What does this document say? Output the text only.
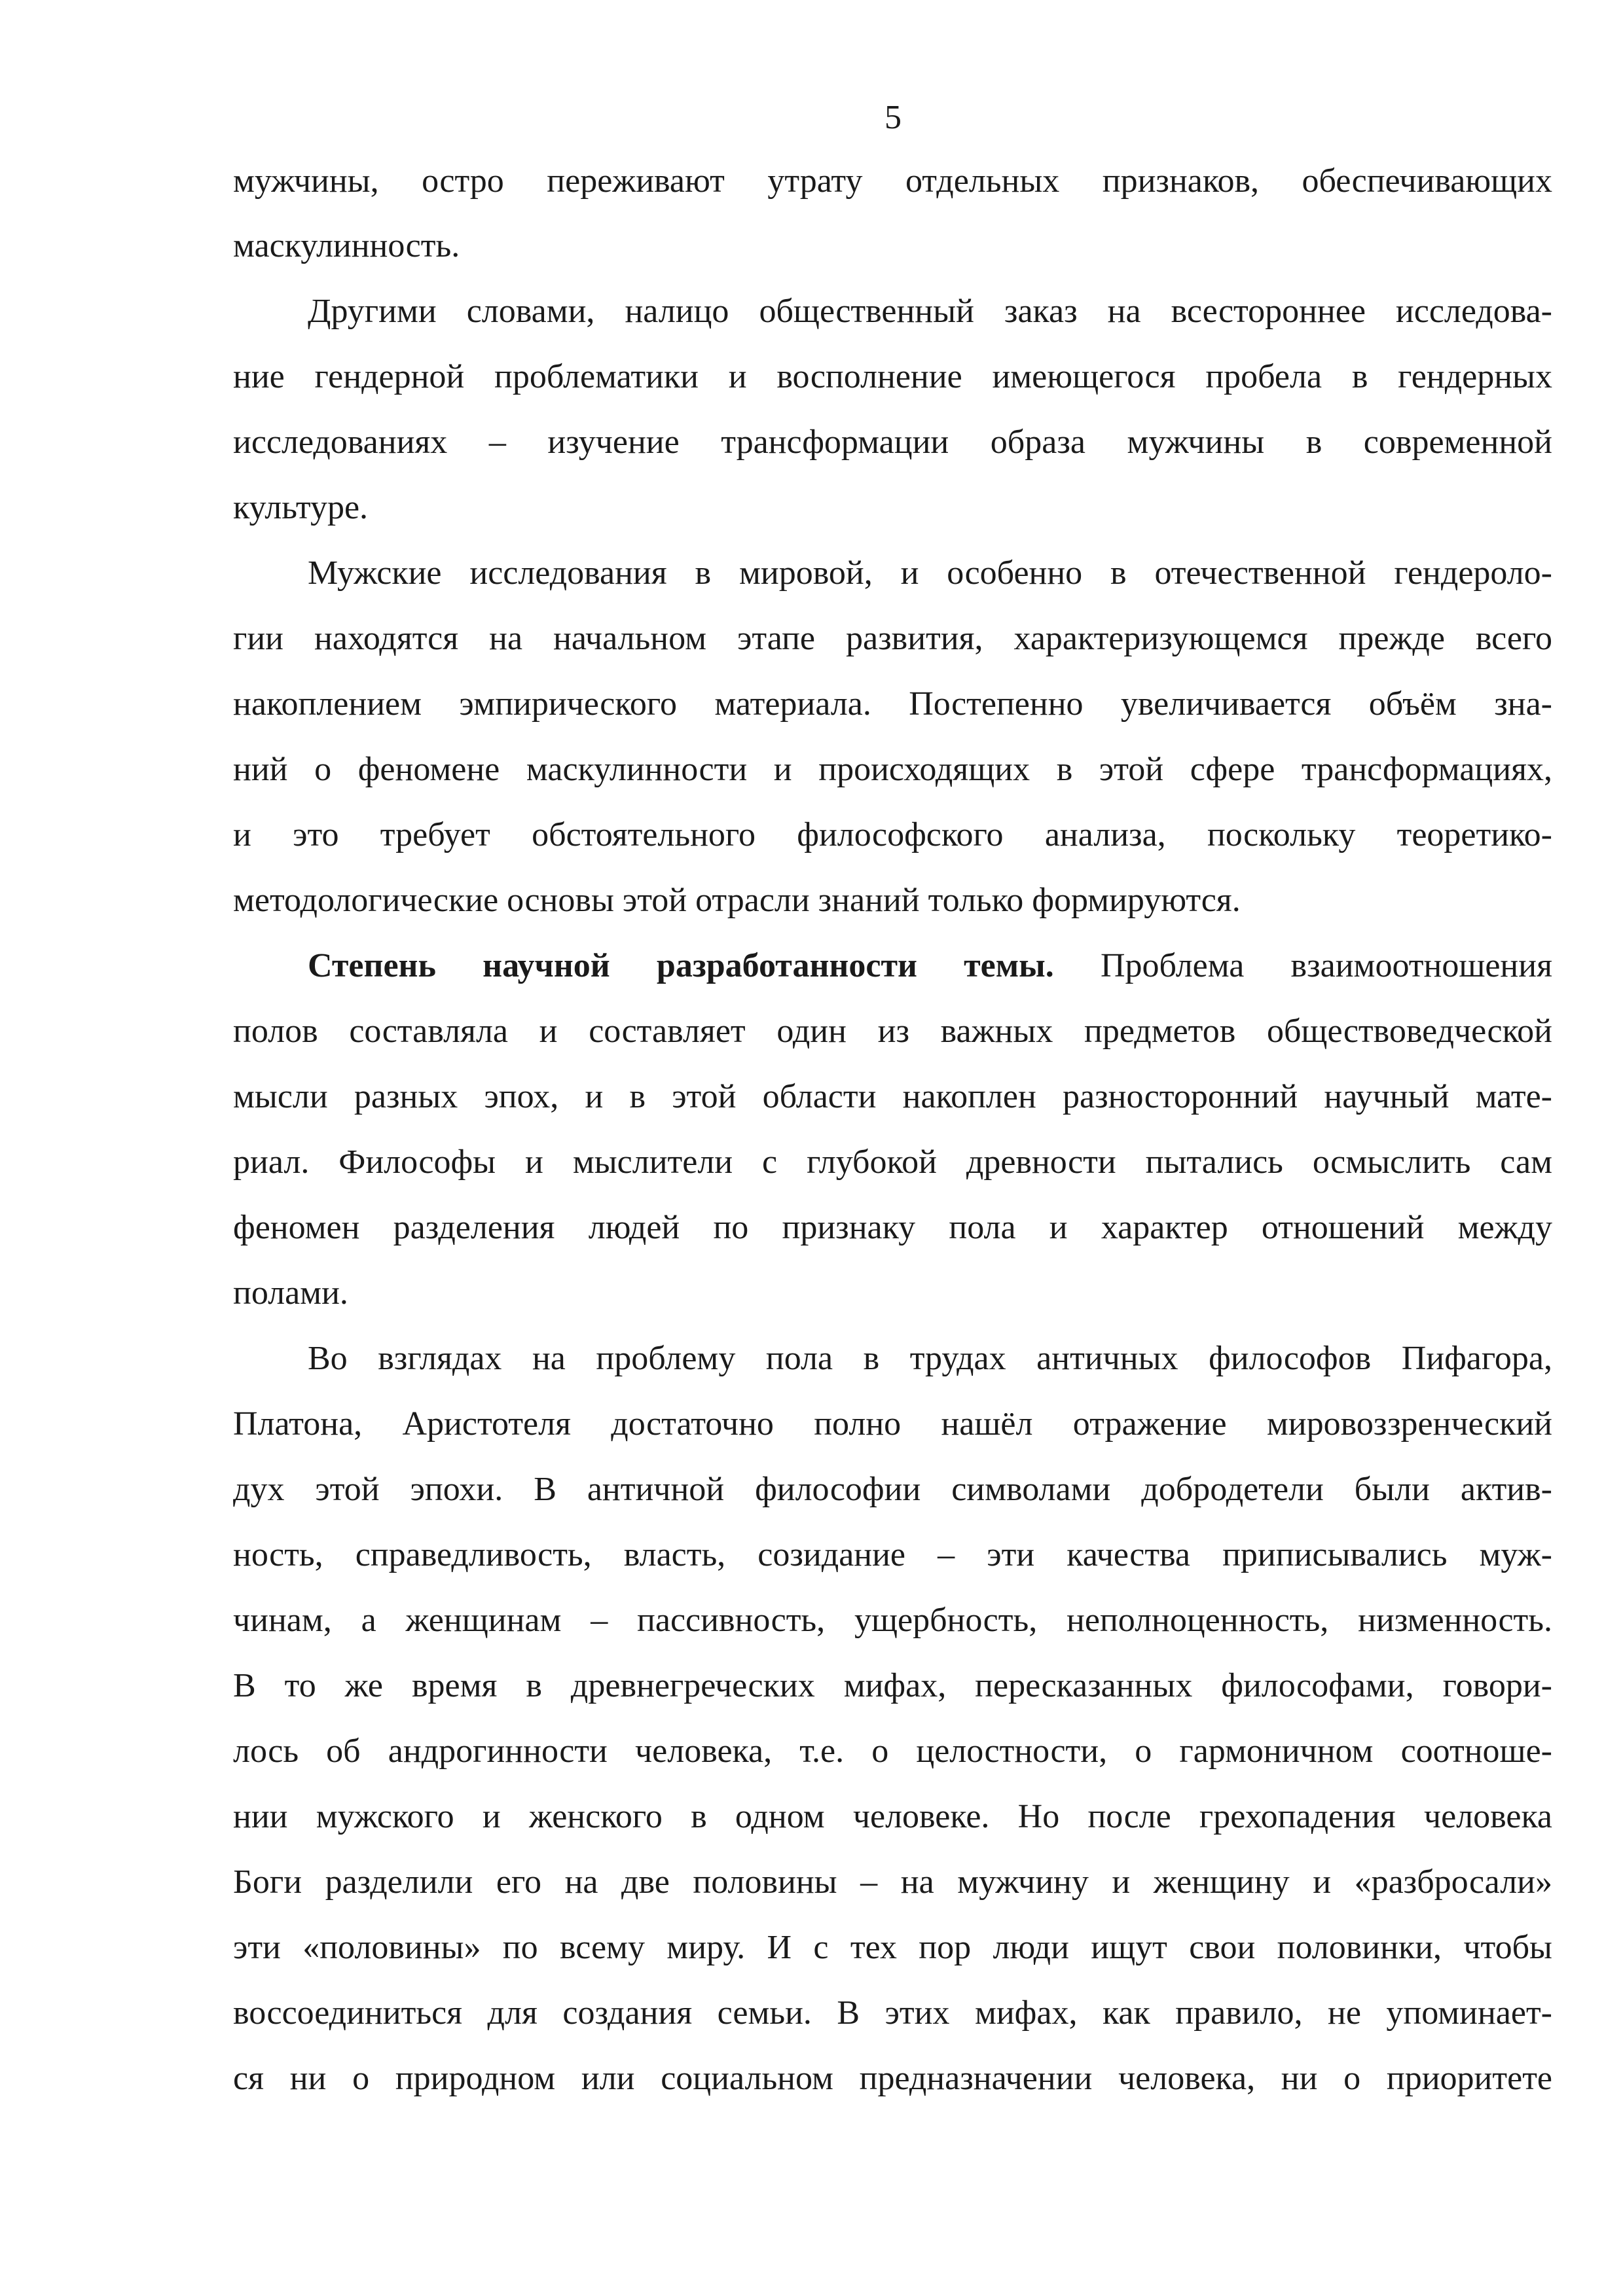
5

мужчины, остро переживают утрату отдельных признаков, обеспечивающих

маскулинность.

Другими словами, налицо общественный заказ на всестороннее исследова-

ние гендерной проблематики и восполнение имеющегося пробела в гендерных

исследованиях – изучение трансформации образа мужчины в современной

культуре.

Мужские исследования в мировой, и особенно в отечественной гендероло-

гии находятся на начальном этапе развития, характеризующемся прежде всего

накоплением эмпирического материала. Постепенно увеличивается объём зна-

ний о феномене маскулинности и происходящих в этой сфере трансформациях,

и это требует обстоятельного философского анализа, поскольку теоретико-

методологические основы этой отрасли знаний только формируются.

Степень научной разработанности темы. Проблема взаимоотношения

полов составляла и составляет один из важных предметов обществоведческой

мысли разных эпох, и в этой области накоплен разносторонний научный мате-

риал. Философы и мыслители с глубокой древности пытались осмыслить сам

феномен разделения людей по признаку пола и характер отношений между

полами.

Во взглядах на проблему пола в трудах античных философов Пифагора,

Платона, Аристотеля достаточно полно нашёл отражение мировоззренческий

дух этой эпохи. В античной философии символами добродетели были актив-

ность, справедливость, власть, созидание – эти качества приписывались муж-

чинам, а женщинам – пассивность, ущербность, неполноценность, низменность.

В то же время в древнегреческих мифах, пересказанных философами, говори-

лось об андрогинности человека, т.е. о целостности, о гармоничном соотноше-

нии мужского и женского в одном человеке. Но после грехопадения человека

Боги разделили его на две половины – на мужчину и женщину и «разбросали»

эти «половины» по всему миру. И с тех пор люди ищут свои половинки, чтобы

воссоединиться для создания семьи. В этих мифах, как правило, не упоминает-

ся ни о природном или социальном предназначении человека, ни о приоритете
